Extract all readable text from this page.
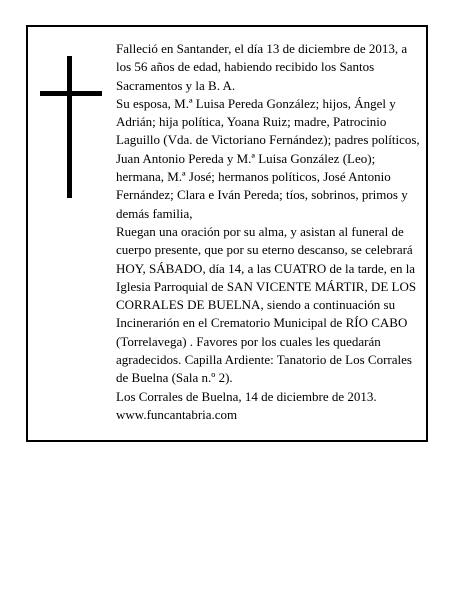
Falleció en Santander, el día 13 de diciembre de 2013, a los 56 años de edad, habiendo recibido los Santos Sacramentos y la B. A.

Su esposa, M.ª Luisa Pereda González; hijos, Ángel y Adrián; hija política, Yoana Ruiz; madre, Patrocinio Laguillo (Vda. de Victoriano Fernández); padres políticos, Juan Antonio Pereda y M.ª Luisa González (Leo); hermana, M.ª José; hermanos políticos, José Antonio Fernández; Clara e Iván Pereda; tíos, sobrinos, primos y demás familia,

Ruegan una oración por su alma, y asistan al funeral de cuerpo presente, que por su eterno descanso, se celebrará HOY, SÁBADO, día 14, a las CUATRO de la tarde, en la Iglesia Parroquial de SAN VICENTE MÁRTIR, DE LOS CORRALES DE BUELNA, siendo a continuación su Incinerarión en el Crematorio Municipal de RÍO CABO (Torrelavega) . Favores por los cuales les quedarán agradecidos. Capilla Ardiente: Tanatorio de Los Corrales de Buelna (Sala n.º 2).

Los Corrales de Buelna, 14 de diciembre de 2013.

www.funcantabria.com
